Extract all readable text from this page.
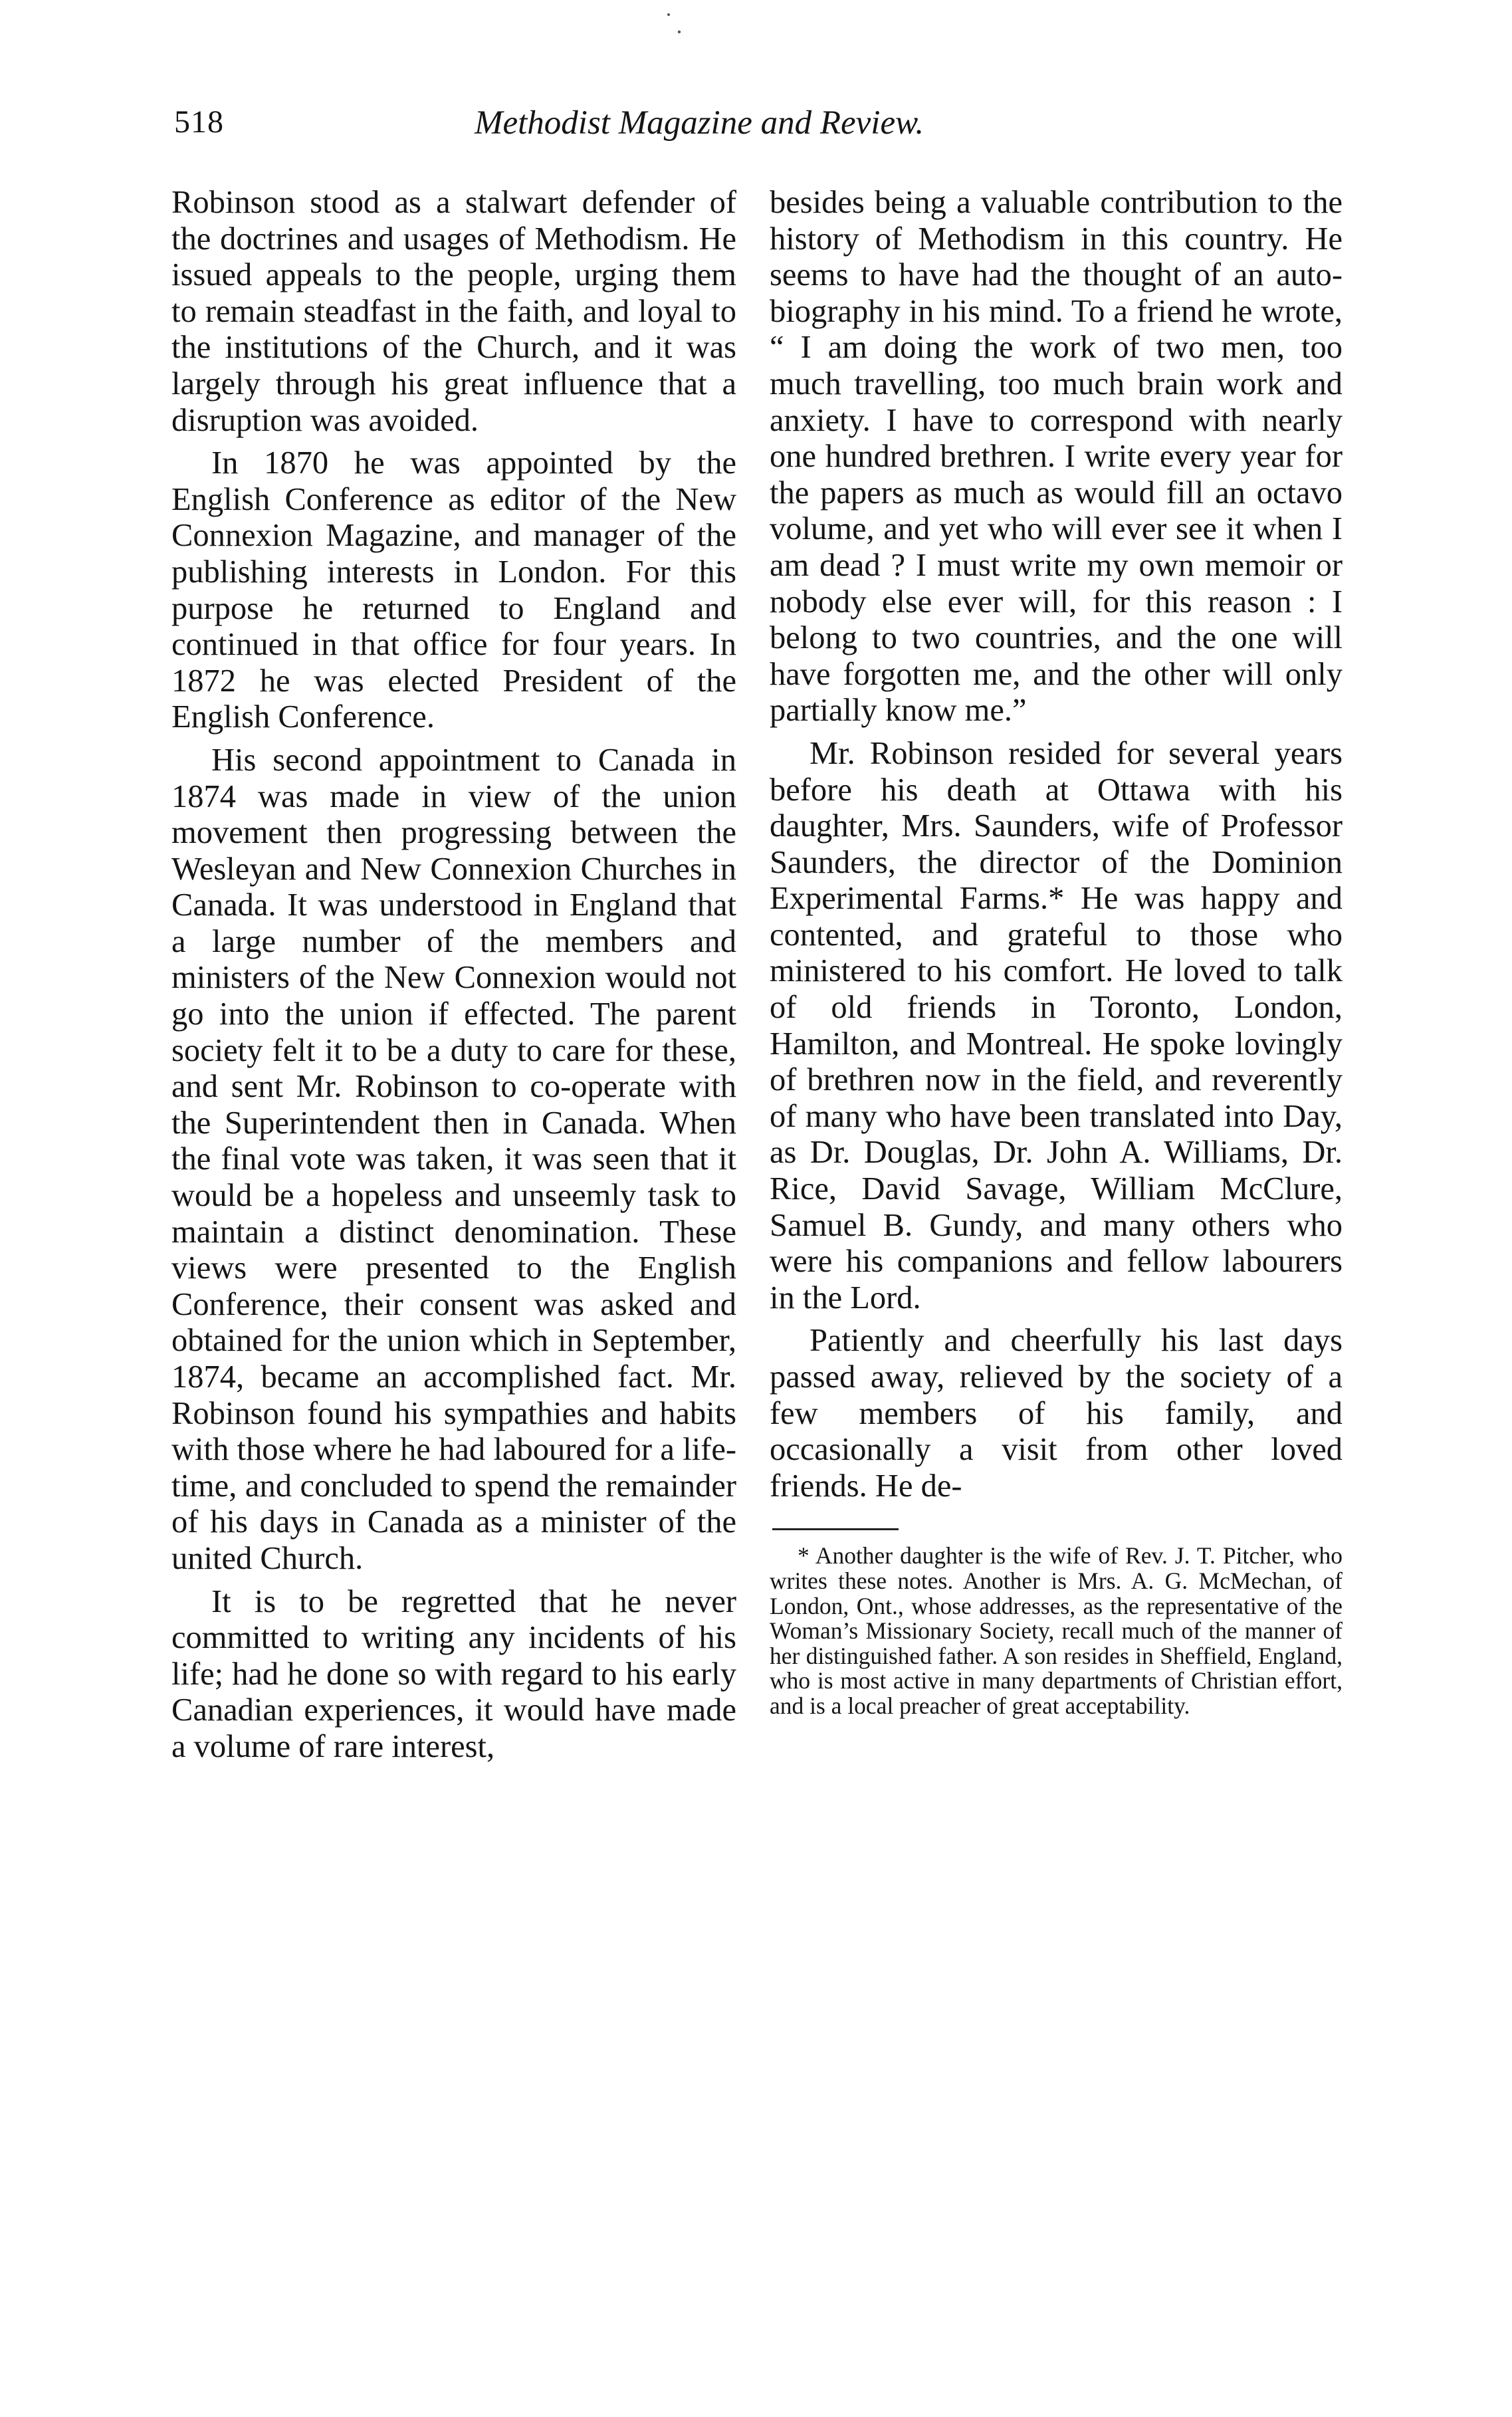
518	Methodist Magazine and Review.

Robinson stood as a stalwart defender of the doctrines and usages of Methodism. He issued appeals to the people, urging them to remain steadfast in the faith, and loyal to the institutions of the Church, and it was largely through his great influence that a disruption was avoided.

In 1870 he was appointed by the English Conference as editor of the New Connexion Magazine, and manager of the publishing interests in London. For this purpose he returned to England and continued in that office for four years. In 1872 he was elected President of the English Conference.

His second appointment to Canada in 1874 was made in view of the union movement then progressing between the Wesleyan and New Connexion Churches in Canada. It was understood in England that a large number of the members and ministers of the New Connexion would not go into the union if effected. The parent society felt it to be a duty to care for these, and sent Mr. Robinson to co-operate with the Superintendent then in Canada. When the final vote was taken, it was seen that it would be a hopeless and unseemly task to maintain a distinct denomination. These views were presented to the English Conference, their consent was asked and obtained for the union which in September, 1874, became an accomplished fact. Mr. Robinson found his sympathies and habits with those where he had laboured for a life-time, and concluded to spend the remainder of his days in Canada as a minister of the united Church.

It is to be regretted that he never committed to writing any incidents of his life; had he done so with regard to his early Canadian experiences, it would have made a volume of rare interest,

besides being a valuable contribution to the history of Methodism in this country. He seems to have had the thought of an autobiography in his mind. To a friend he wrote, “ I am doing the work of two men, too much travelling, too much brain work and anxiety. I have to correspond with nearly one hundred brethren. I write every year for the papers as much as would fill an octavo volume, and yet who will ever see it when I am dead ? I must write my own memoir or nobody else ever will, for this reason : I belong to two countries, and the one will have forgotten me, and the other will only partially know me.”

Mr. Robinson resided for several years before his death at Ottawa with his daughter, Mrs. Saunders, wife of Professor Saunders, the director of the Dominion Experimental Farms.* He was happy and contented, and grateful to those who ministered to his comfort. He loved to talk of old friends in Toronto, London, Hamilton, and Montreal. He spoke lovingly of brethren now in the field, and reverently of many who have been translated into Day, as Dr. Douglas, Dr. John A. Williams, Dr. Rice, David Savage, William McClure, Samuel B. Gundy, and many others who were his companions and fellow labourers in the Lord.

Patiently and cheerfully his last days passed away, relieved by the society of a few members of his family, and occasionally a visit from other loved friends. He de-

* Another daughter is the wife of Rev. J. T. Pitcher, who writes these notes. Another is Mrs. A. G. McMechan, of London, Ont., whose addresses, as the representative of the Woman’s Missionary Society, recall much of the manner of her distinguished father. A son resides in Sheffield, England, who is most active in many departments of Christian effort, and is a local preacher of great acceptability.
